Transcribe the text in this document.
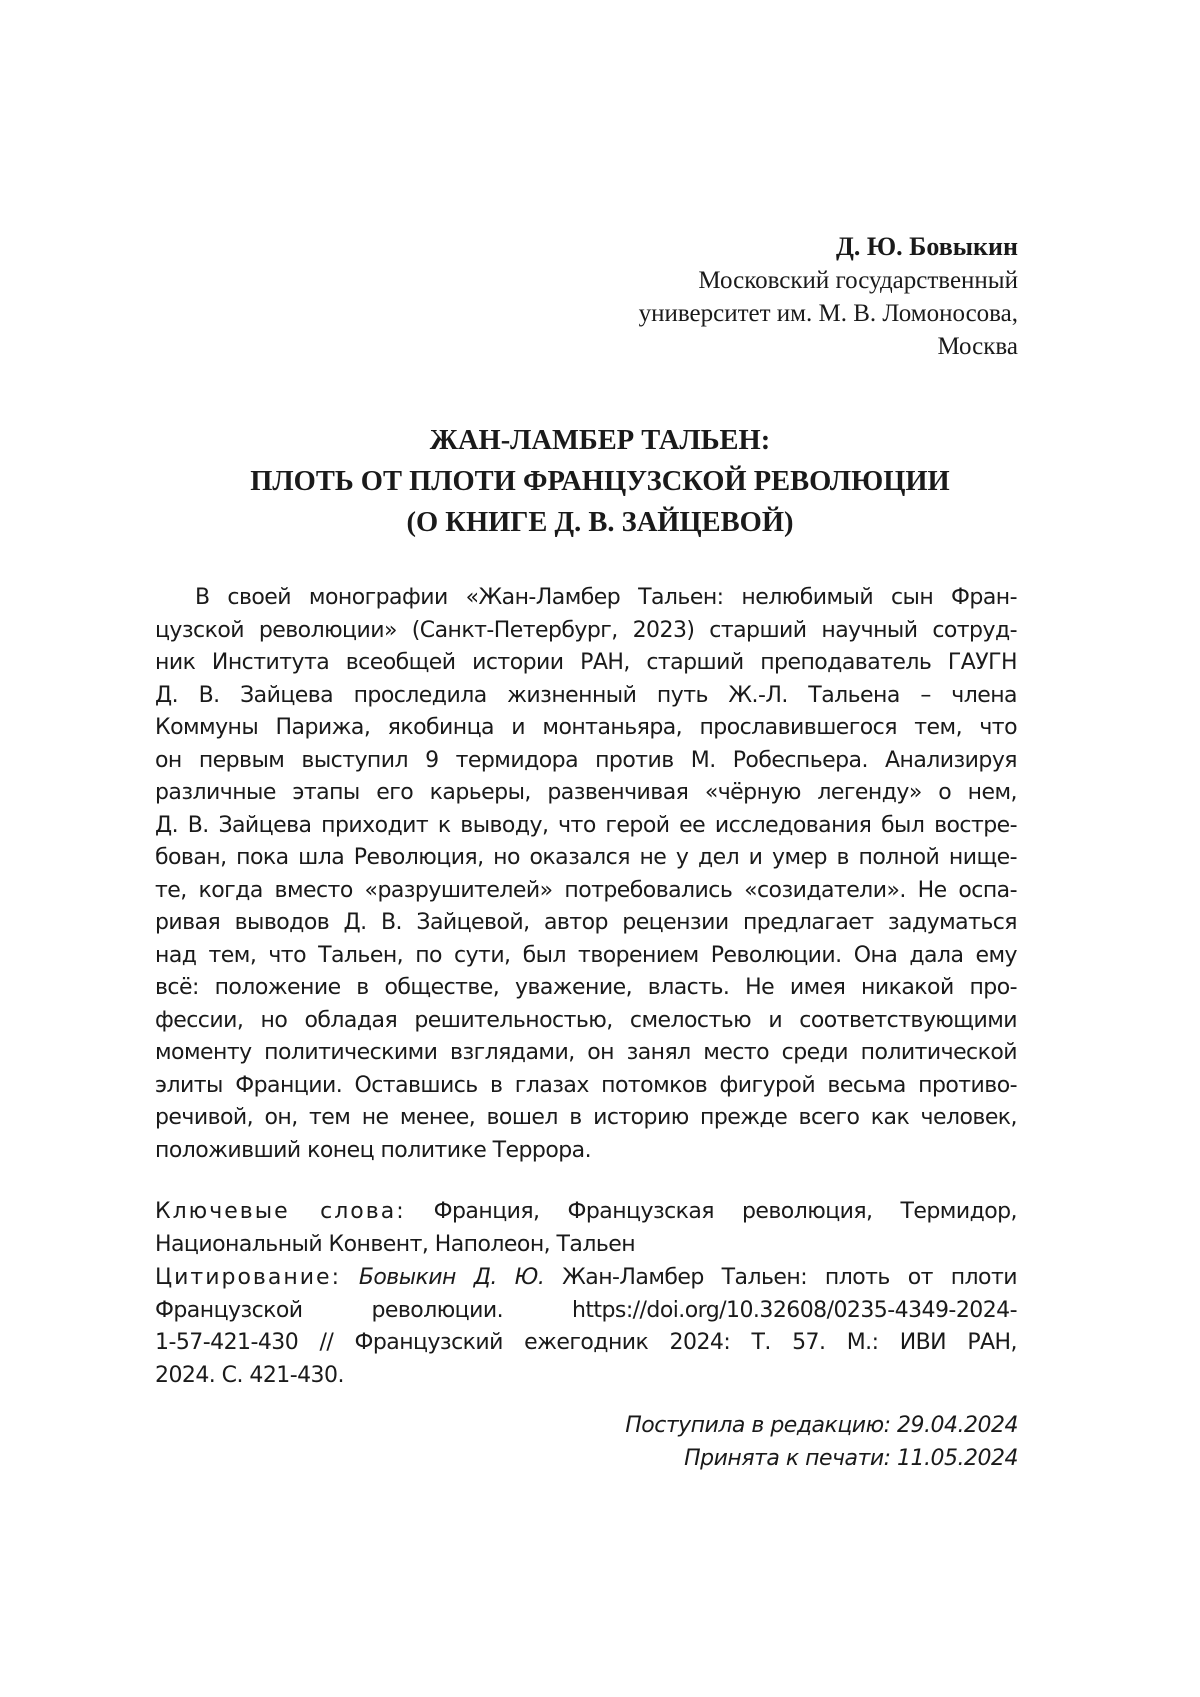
Д. Ю. Бовыкин
Московский государственный
университет им. М. В. Ломоносова,
Москва
ЖАН-ЛАМБЕР ТАЛЬЕН:
ПЛОТЬ ОТ ПЛОТИ ФРАНЦУЗСКОЙ РЕВОЛЮЦИИ
(О КНИГЕ Д. В. ЗАЙЦЕВОЙ)
В своей монографии «Жан-Ламбер Тальен: нелюбимый сын Фран-
цузской революции» (Санкт-Петербург, 2023) старший научный сотруд-
ник Института всеобщей истории РАН, старший преподаватель ГАУГН
Д. В. Зайцева проследила жизненный путь Ж.-Л. Тальена – члена
Коммуны Парижа, якобинца и монтаньяра, прославившегося тем, что
он первым выступил 9 термидора против М. Робеспьера. Анализируя
различные этапы его карьеры, развенчивая «чёрную легенду» о нем,
Д. В. Зайцева приходит к выводу, что герой ее исследования был востре-
бован, пока шла Революция, но оказался не у дел и умер в полной нище-
те, когда вместо «разрушителей» потребовались «созидатели». Не оспа-
ривая выводов Д. В. Зайцевой, автор рецензии предлагает задуматься
над тем, что Тальен, по сути, был творением Революции. Она дала ему
всё: положение в обществе, уважение, власть. Не имея никакой про-
фессии, но обладая решительностью, смелостью и соответствующими
моменту политическими взглядами, он занял место среди политической
элиты Франции. Оставшись в глазах потомков фигурой весьма противо-
речивой, он, тем не менее, вошел в историю прежде всего как человек,
положивший конец политике Террора.
Ключевые слова: Франция, Французская революция, Термидор,
Национальный Конвент, Наполеон, Тальен
Цитирование: Бовыкин Д. Ю. Жан-Ламбер Тальен: плоть от плоти
Французской революции. https://doi.org/10.32608/0235-4349-2024-
1-57-421-430 // Французский ежегодник 2024: Т. 57. М.: ИВИ РАН,
2024. С. 421-430.
Поступила в редакцию: 29.04.2024
Принята к печати: 11.05.2024
